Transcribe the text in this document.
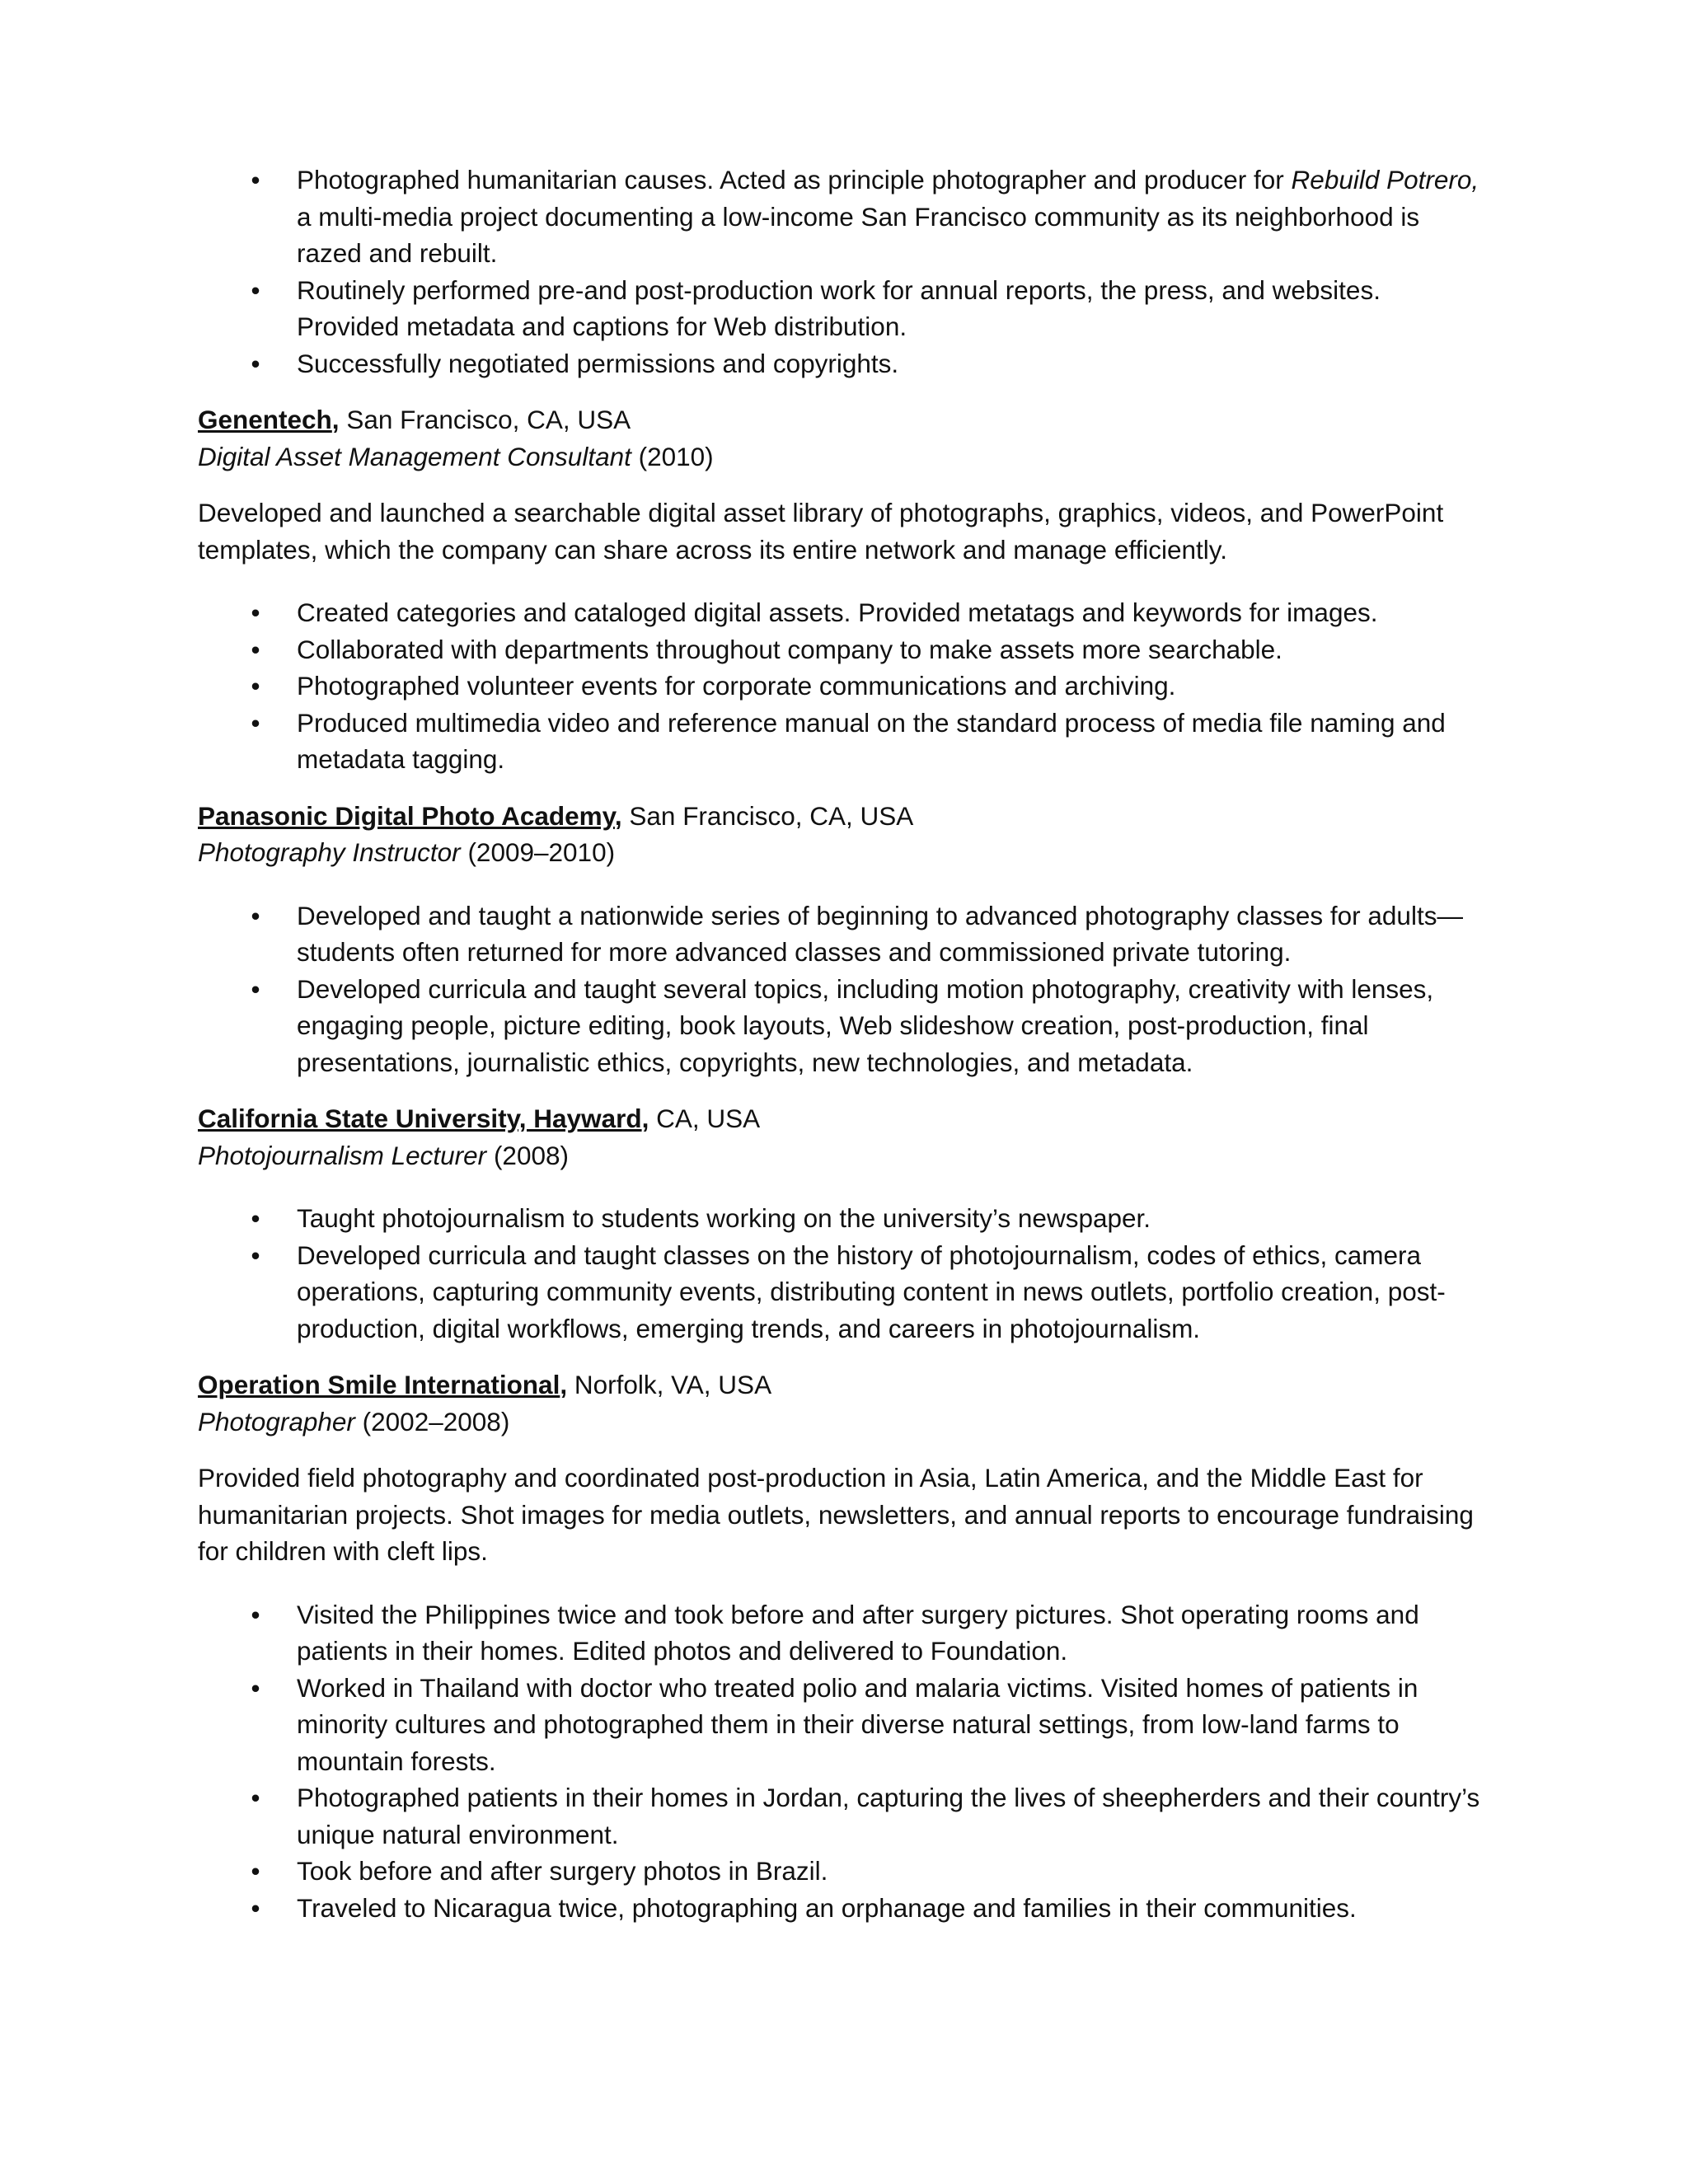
• Photographed humanitarian causes. Acted as principle photographer and producer for Rebuild Potrero, a multi-media project documenting a low-income San Francisco community as its neighborhood is razed and rebuilt.
• Routinely performed pre-and post-production work for annual reports, the press, and websites. Provided metadata and captions for Web distribution.
• Successfully negotiated permissions and copyrights.
Genentech, San Francisco, CA, USA
Digital Asset Management Consultant (2010)

Developed and launched a searchable digital asset library of photographs, graphics, videos, and PowerPoint templates, which the company can share across its entire network and manage efficiently.

• Created categories and cataloged digital assets. Provided metatags and keywords for images.
• Collaborated with departments throughout company to make assets more searchable.
• Photographed volunteer events for corporate communications and archiving.
• Produced multimedia video and reference manual on the standard process of media file naming and metadata tagging.
Panasonic Digital Photo Academy, San Francisco, CA, USA
Photography Instructor (2009–2010)
• Developed and taught a nationwide series of beginning to advanced photography classes for adults—students often returned for more advanced classes and commissioned private tutoring.
• Developed curricula and taught several topics, including motion photography, creativity with lenses, engaging people, picture editing, book layouts, Web slideshow creation, post-production, final presentations, journalistic ethics, copyrights, new technologies, and metadata.
California State University, Hayward, CA, USA
Photojournalism Lecturer (2008)
• Taught photojournalism to students working on the university’s newspaper.
• Developed curricula and taught classes on the history of photojournalism, codes of ethics, camera operations, capturing community events, distributing content in news outlets, portfolio creation, post-production, digital workflows, emerging trends, and careers in photojournalism.
Operation Smile International, Norfolk, VA, USA
Photographer (2002–2008)

Provided field photography and coordinated post-production in Asia, Latin America, and the Middle East for humanitarian projects. Shot images for media outlets, newsletters, and annual reports to encourage fundraising for children with cleft lips.

• Visited the Philippines twice and took before and after surgery pictures. Shot operating rooms and patients in their homes. Edited photos and delivered to Foundation.
• Worked in Thailand with doctor who treated polio and malaria victims. Visited homes of patients in minority cultures and photographed them in their diverse natural settings, from low-land farms to mountain forests.
• Photographed patients in their homes in Jordan, capturing the lives of sheepherders and their country’s unique natural environment.
• Took before and after surgery photos in Brazil.
• Traveled to Nicaragua twice, photographing an orphanage and families in their communities.
